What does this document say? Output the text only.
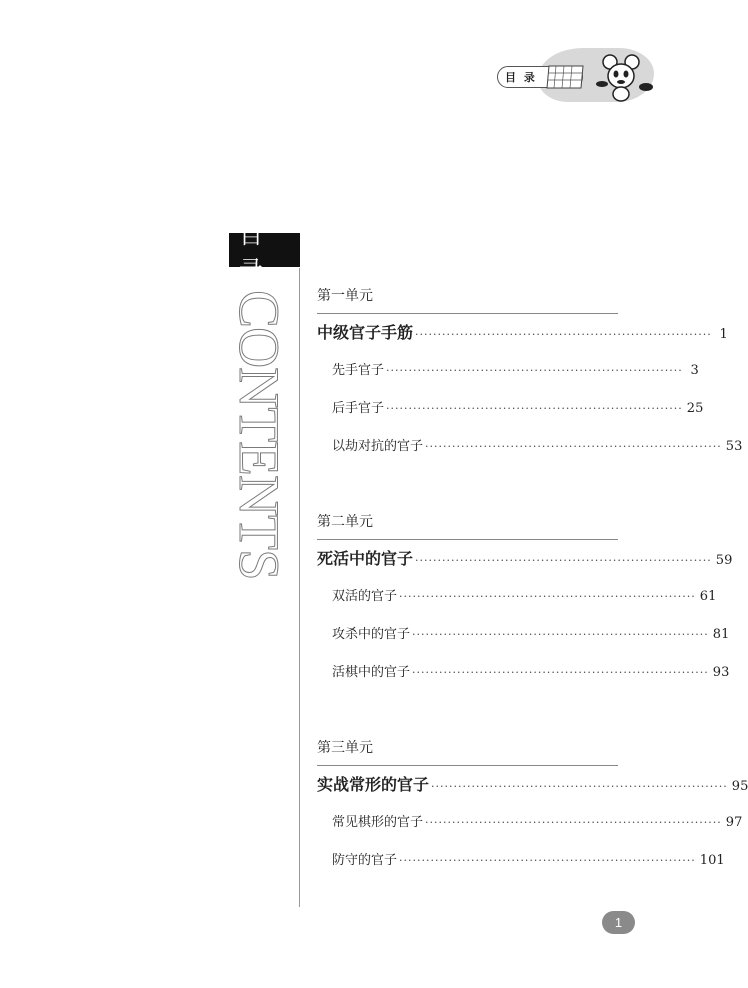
目 录
目录
CONTENTS 第一单元
中级官子手筋 ·································································· 1
先手官子 ·································································· 3
后手官子 ·································································· 25
以劫对抗的官子 ·································································· 53
第二单元
死活中的官子 ·································································· 59
双活的官子 ·································································· 61
攻杀中的官子 ·································································· 81
活棋中的官子 ·································································· 93
第三单元
实战常形的官子 ·································································· 95
常见棋形的官子 ·································································· 97
防守的官子 ·································································· 101
1
